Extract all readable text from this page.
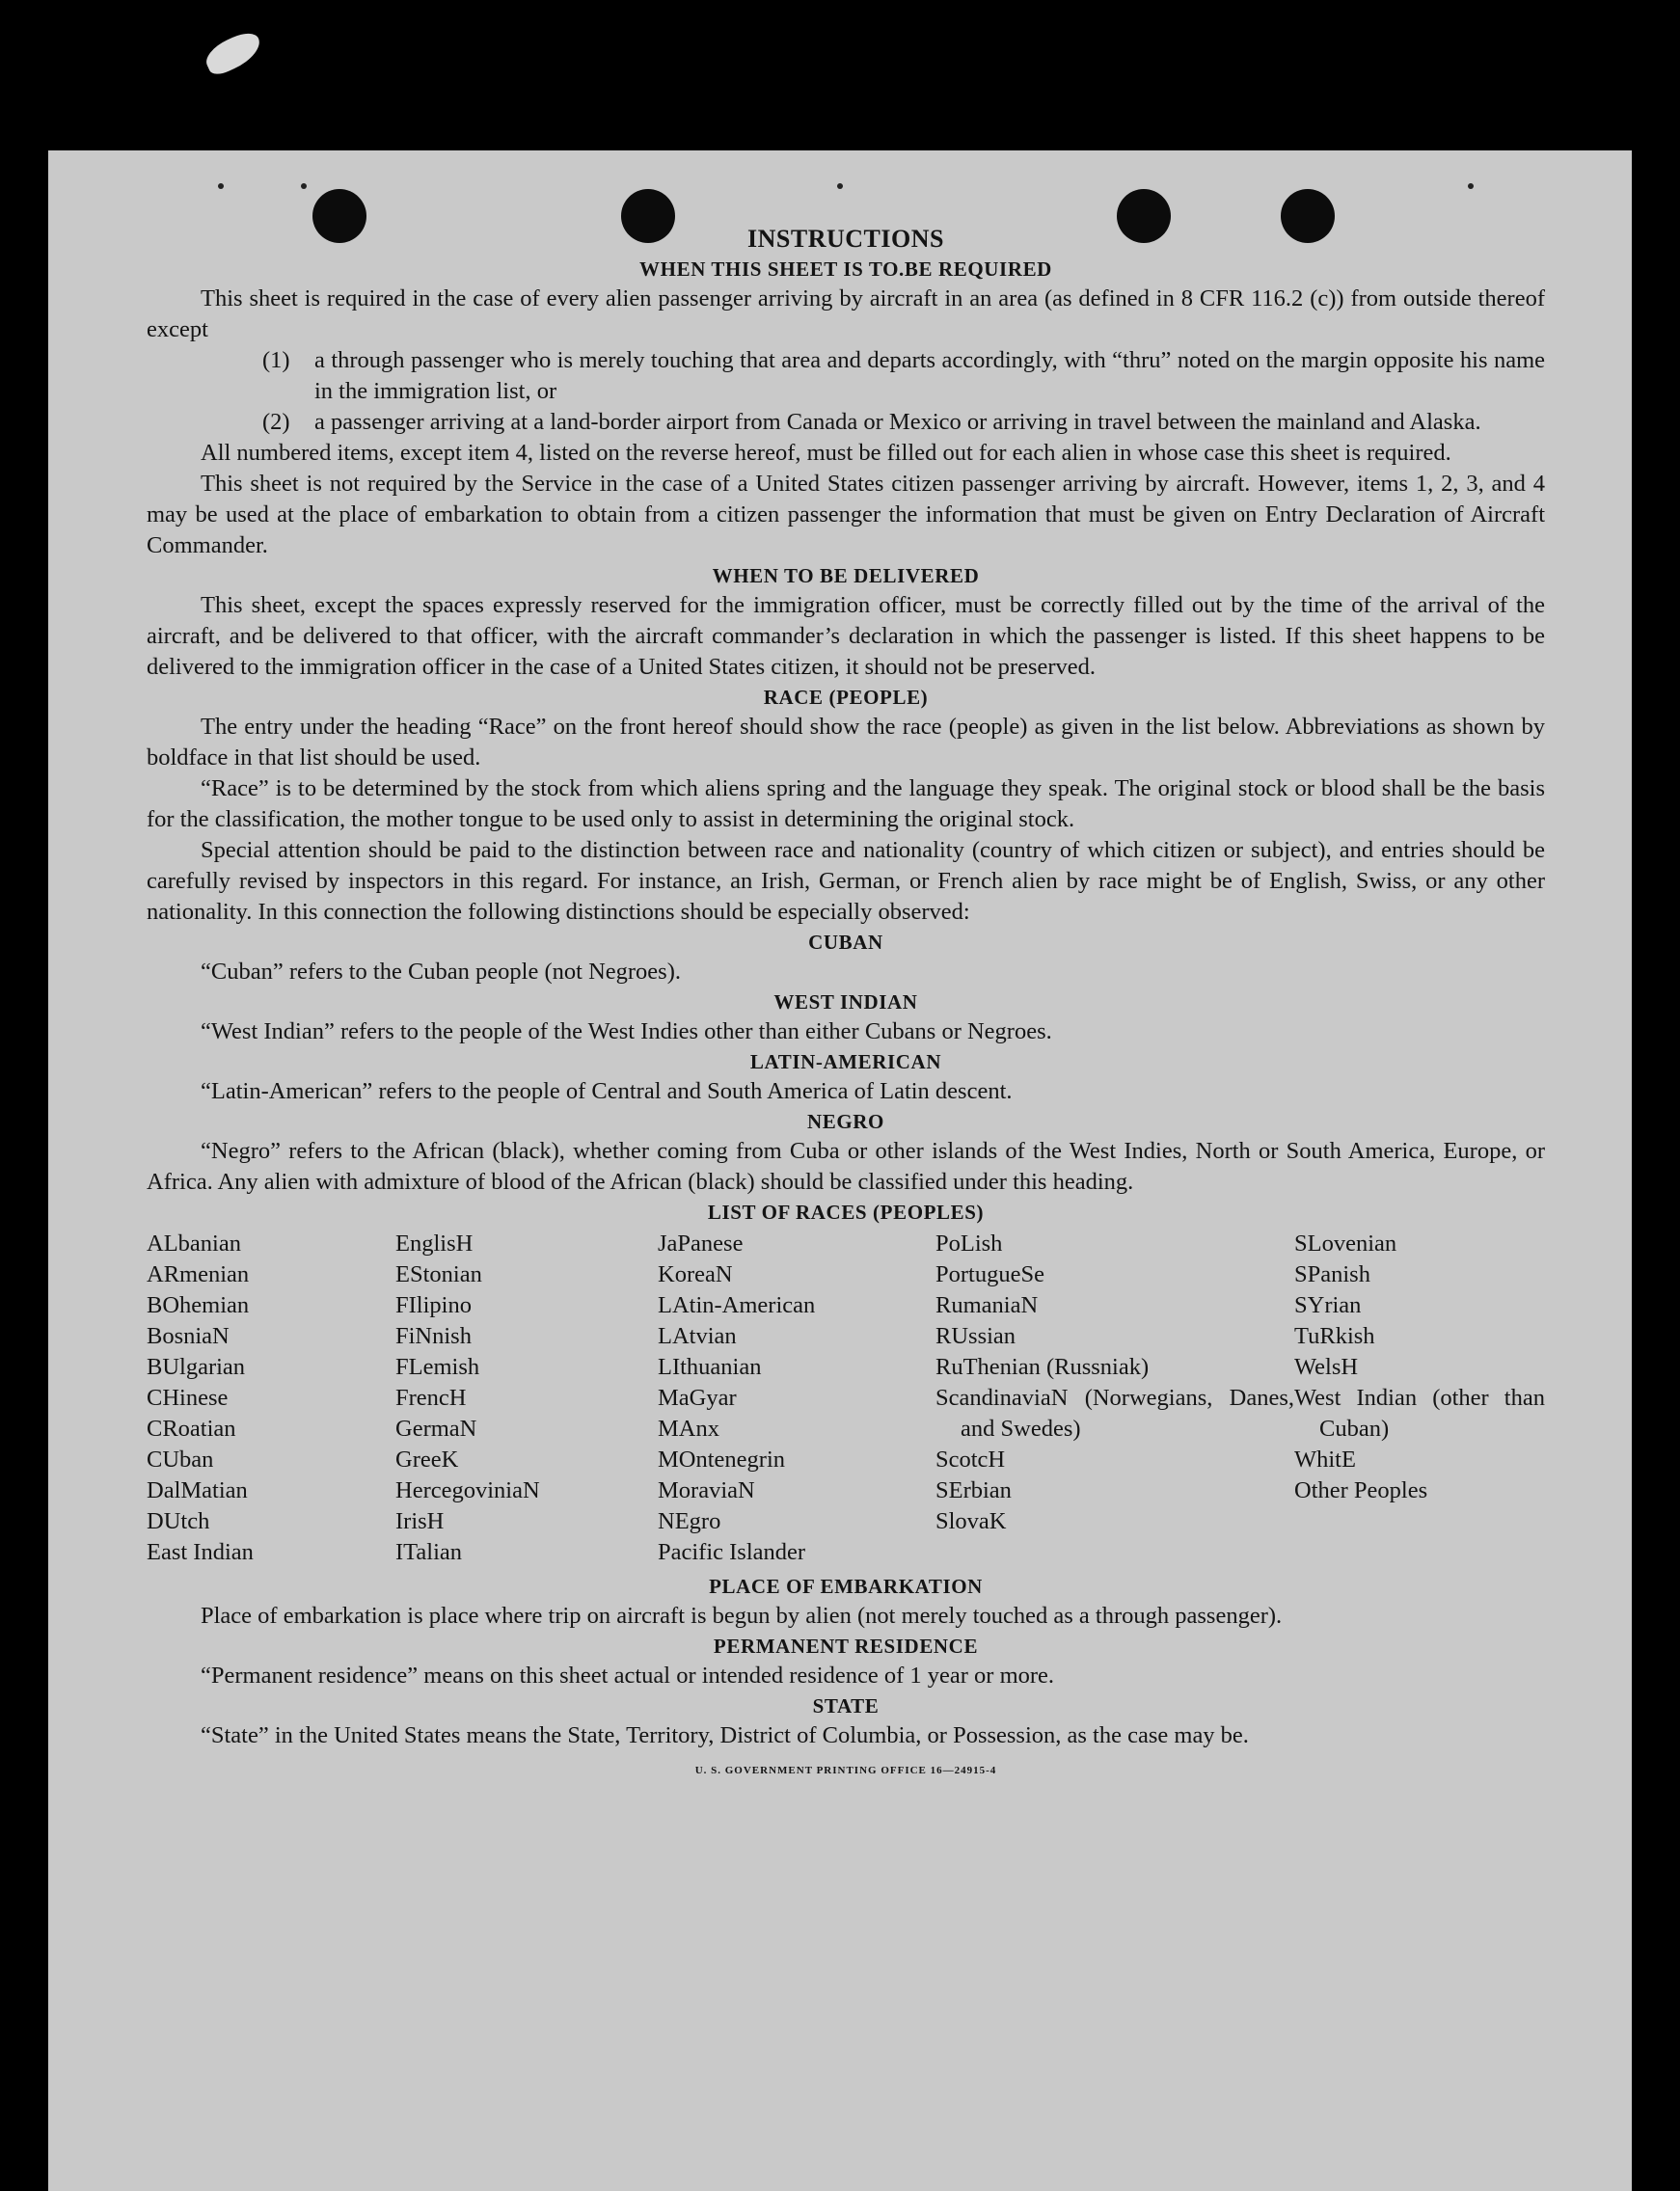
INSTRUCTIONS
WHEN THIS SHEET IS TO.BE REQUIRED

This sheet is required in the case of every alien passenger arriving by aircraft in an area (as defined in 8 CFR 116.2 (c)) from outside thereof except

(1)	a through passenger who is merely touching that area and departs accordingly, with “thru” noted on the margin opposite his name in the immigration list, or
(2)	a passenger arriving at a land-border airport from Canada or Mexico or arriving in travel between the mainland and Alaska.

All numbered items, except item 4, listed on the reverse hereof, must be filled out for each alien in whose case this sheet is required.

This sheet is not required by the Service in the case of a United States citizen passenger arriving by aircraft. However, items 1, 2, 3, and 4 may be used at the place of embarkation to obtain from a citizen passenger the information that must be given on Entry Declaration of Aircraft Commander.

WHEN TO BE DELIVERED

This sheet, except the spaces expressly reserved for the immigration officer, must be correctly filled out by the time of the arrival of the aircraft, and be delivered to that officer, with the aircraft commander’s declaration in which the passenger is listed. If this sheet happens to be delivered to the immigration officer in the case of a United States citizen, it should not be preserved.

RACE (PEOPLE)

The entry under the heading “Race” on the front hereof should show the race (people) as given in the list below. Abbreviations as shown by boldface in that list should be used.

“Race” is to be determined by the stock from which aliens spring and the language they speak. The original stock or blood shall be the basis for the classification, the mother tongue to be used only to assist in determining the original stock.

Special attention should be paid to the distinction between race and nationality (country of which citizen or subject), and entries should be carefully revised by inspectors in this regard. For instance, an Irish, German, or French alien by race might be of English, Swiss, or any other nationality. In this connection the following distinctions should be especially observed:

CUBAN

“Cuban” refers to the Cuban people (not Negroes).

WEST INDIAN

“West Indian” refers to the people of the West Indies other than either Cubans or Negroes.

LATIN-AMERICAN

“Latin-American” refers to the people of Central and South America of Latin descent.

NEGRO

“Negro” refers to the African (black), whether coming from Cuba or other islands of the West Indies, North or South America, Europe, or Africa. Any alien with admixture of blood of the African (black) should be classified under this heading.

LIST OF RACES (PEOPLES)
ALbanian
ARmenian
BOhemian
BosniaN
BUlgarian
CHinese
CRoatian
CUban
DalMatian
DUtch
East Indian
EnglisH
EStonian
FIlipino
FiNnish
FLemish
FrencH
GermaN
GreeK
HercegoviniaN
IrisH
ITalian
JaPanese
KoreaN
LAtin-American
LAtvian
LIthuanian
MaGyar
MAnx
MOntenegrin
MoraviaN
NEgro
Pacific Islander
PoLish
PortugueSe
RumaniaN
RUssian
RuThenian (Russniak)
ScandinaviaN (Norwegians, Danes, and Swedes)
ScotcH
SErbian
SlovaK
SLovenian
SPanish
SYrian
TuRkish
WelsH
West Indian (other than Cuban)
WhitE
Other Peoples
PLACE OF EMBARKATION

Place of embarkation is place where trip on aircraft is begun by alien (not merely touched as a through passenger).

PERMANENT RESIDENCE

“Permanent residence” means on this sheet actual or intended residence of 1 year or more.

STATE

“State” in the United States means the State, Territory, District of Columbia, or Possession, as the case may be.

U. S. GOVERNMENT PRINTING OFFICE 16—24915-4
